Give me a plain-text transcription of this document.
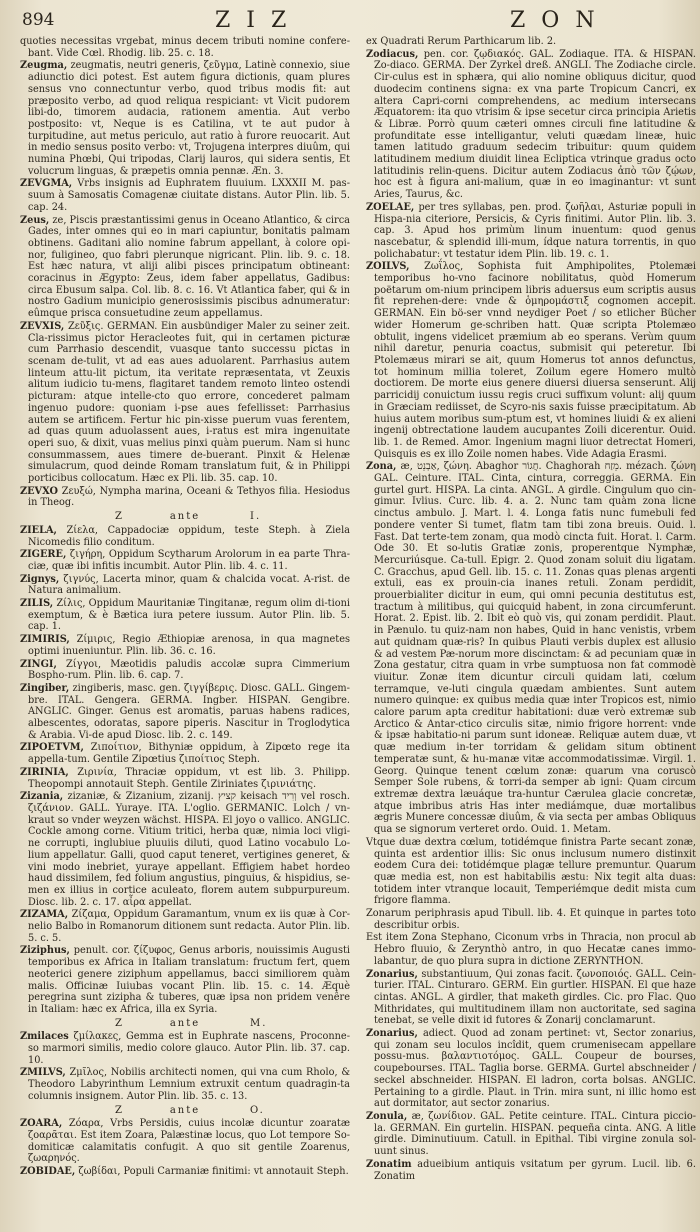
894	ZIZ	ZON

quoties necessitas vrgebat, minus decem tributi nomine confere-bant. Vide Cœl. Rhodig. lib. 25. c. 18.

Zeugma, zeugmatis, neutri generis, ζεῦγμα, Latinè connexio, siue adiunctio dici potest. Est autem figura dictionis, quam plures sensus vno connectuntur verbo, quod tribus modis fit: aut præposito verbo, ad quod reliqua respiciant: vt Vicit pudorem libi-do, timorem audacia, rationem amentia. Aut verbo postposito: vt, Neque is es Catilina, vt te aut pudor à turpitudine, aut metus periculo, aut ratio à furore reuocarit. Aut in medio sensus posito verbo: vt, Trojugena interpres diuûm, qui numina Phœbi, Qui tripodas, Clarij lauros, qui sidera sentis, Et volucrum linguas, & præpetis omnia pennæ. Æn. 3.

ZEVGMA, Vrbs insignis ad Euphratem fluuium. LXXXII M. pas-suum à Samosatis Comagenæ ciuitate distans. Autor Plin. lib. 5. cap. 24.

Zeus, ze, Piscis præstantissimi genus in Oceano Atlantico, & circa Gades, inter omnes qui eo in mari capiuntur, bonitatis palmam obtinens. Gaditani alio nomine fabrum appellant, à colore opi-nor, fuligineo, quo fabri plerunque nigricant. Plin. lib. 9. c. 18. Est hæc natura, vt aliji alibi pisces principatum obtineant: coracinus in Ægypto: Zeus, idem faber appellatus, Gadibus: circa Ebusum salpa. Col. lib. 8. c. 16. Vt Atlantica faber, qui & in nostro Gadium municipio generosissimis piscibus adnumeratur: eûmque prisca consuetudine zeum appellamus.

ZEVXIS, Ζεῦξις. GERMAN. Ein ausbündiger Maler zu seiner zeit. Cla-rissimus pictor Heracleotes fuit, qui in certamen picturæ cum Parrhasio descendit, vuasque tanto successu pictas in scenam de-tulit, vt ad eas aues aduolarent. Parrhasius autem linteum attu-lit pictum, ita veritate repræsentata, vt Zeuxis alitum iudicio tu-mens, flagitaret tandem remoto linteo ostendi picturam: atque intelle-cto quo errore, concederet palmam ingenuo pudore: quoniam i-pse aues fefellisset: Parrhasius autem se artificem. Fertur hic pin-xisse puerum vuas ferentem, ad quas quum aduolassent aues, i-ratus est mira ingenuitate operi suo, & dixit, vuas melius pinxi quàm puerum. Nam si hunc consummassem, aues timere de-buerant. Pinxit & Helenæ simulacrum, quod deinde Romam translatum fuit, & in Philippi porticibus collocatum. Hæc ex Pli. lib. 35. cap. 10.

ZEVXO Ζευξώ, Nympha marina, Oceani & Tethyos filia. Hesiodus in Theog.

Z	ante	I.

ZIELA, Ζίελα, Cappadociæ oppidum, teste Steph. à Ziela Nicomedis filio conditum.

ZIGERE, ζιγήρη, Oppidum Scytharum Arolorum in ea parte Thra-ciæ, quæ ibi infitis incumbit. Autor Plin. lib. 4. c. 11.

Zignys, ζιγνύς, Lacerta minor, quam & chalcida vocat. A-rist. de Natura animalium.

ZILIS, Ζίλις, Oppidum Mauritaniæ Tingitanæ, regum olim di-tioni exemptum, & è Bætica iura petere iussum. Autor Plin. lib. 5. cap. 1.

ZIMIRIS, Ζίμιρις, Regio Æthiopiæ arenosa, in qua magnetes optimi inueniuntur. Plin. lib. 36. c. 16.

ZINGI, Ζίγγοι, Mæotidis paludis accolæ supra Cimmerium Bospho-rum. Plin. lib. 6. cap. 7.

Zingiber, zingiberis, masc. gen. ζιγγίβερις. Diosc. GALL. Gingem-bre. ITAL. Gengera. GERMA. Ingber. HISPAN. Gengibre. ANGLIC. Ginger. Genus est aromatis, paruas habens radices, albescentes, odoratas, sapore piperis. Nascitur in Troglodytica & Arabia. Vi-de apud Diosc. lib. 2. c. 149.

ZIPOETVM, Ζιποίτιον, Bithyniæ oppidum, à Zipœto rege ita appella-tum. Gentile Zipœtius ζιποίτιος Steph.

ZIRINIA, Ζιρινία, Thraciæ oppidum, vt est lib. 3. Philipp. Theopompi annotauit Steph. Gentile Ziriniates ζιρινιάτης.

Zizania, zizaniæ, & Zizanium, zizanij. קציץ keisach וְרִיד vel rosch. ζιζάνιον. GALL. Yuraye. ITA. L'oglio. GERMANIC. Lolch / vn-kraut so vnder weyzen wächst. HISPA. El joyo o vallico. ANGLIC. Cockle among corne. Vitium tritici, herba quæ, nimia loci vligi-ne corrupti, inglubiue pluuiis diluti, quod Latino vocabulo Lo-lium appellatur. Galli, quod caput teneret, vertigines generet, & vini modo inebriet, yuraye appellant. Effigiem habet hordeo haud dissimilem, fed folium angustius, pinguius, & hispidius, se-men ex illius in cortice aculeato, florem autem subpurpureum. Diosc. lib. 2. c. 17. αἶρα appellat.

ZIZAMA, Ζίζαμα, Oppidum Garamantum, vnum ex iis quæ à Cor-nelio Balbo in Romanorum ditionem sunt redacta. Autor Plin. lib. 5. c. 5.

Ziziphus, penult. cor. ζίζυφος, Genus arboris, nouissimis Augusti temporibus ex Africa in Italiam translatum: fructum fert, quem neoterici genere ziziphum appellamus, bacci similiorem quàm malis. Officinæ Iuiubas vocant Plin. lib. 15. c. 14. Æquè peregrina sunt zizipha & tuberes, quæ ipsa non pridem venêre in Italiam: hæc ex Africa, illa ex Syria.

Z	ante	M.

Zmilaces ζμίλακες, Gemma est in Euphrate nascens, Proconne-so marmori similis, medio colore glauco. Autor Plin. lib. 37. cap. 10.

ZMILVS, Ζμῖλος, Nobilis architecti nomen, qui vna cum Rholo, & Theodoro Labyrinthum Lemnium extruxit centum quadragin-ta columnis insignem. Autor Plin. lib. 35. c. 13.

Z	ante	O.

ZOARA, Ζόαρα, Vrbs Persidis, cuius incolæ dicuntur zoaratæ ζοαρᾶται. Est item Zoara, Palæstinæ locus, quo Lot tempore So-domiticæ calamitatis confugit. A quo sit gentile Zoarenus, ζωαρηνός.

ZOBIDAE, ζωβίδαι, Populi Carmaniæ finitimi: vt annotauit Steph.

ex Quadrati Rerum Parthicarum lib. 2.

Zodiacus, pen. cor. ζῳδιακός. GAL. Zodiaque. ITA. & HISPAN. Zo-diaco. GERMA. Der Zyrkel dreß. ANGLI. The Zodiache circle. Cir-culus est in sphæra, qui alio nomine obliquus dicitur, quod duodecim continens signa: ex vna parte Tropicum Cancri, ex altera Capri-corni comprehendens, ac medium intersecans Æquatorem: ita quo vtrisim & ipse secetur circa principia Arietis & Libræ. Porrò quum cæteri omnes circuli fine latitudine & profunditate esse intelligantur, veluti quædam lineæ, huic tamen latitudo graduum sedecim tribuitur: quum quidem latitudinem medium diuidit linea Ecliptica vtrinque gradus octo latitudinis relin-quens. Dicitur autem Zodiacus ἀπὸ τῶν ζῴων, hoc est à figura ani-malium, quæ in eo imaginantur: vt sunt Aries, Taurus, &c.

ZOELAE, per tres syllabas, pen. prod. ζωῆλαι, Asturiæ populi in Hispa-nia citeriore, Persicis, & Cyris finitimi. Autor Plin. lib. 3. cap. 3. Apud hos primùm linum inuentum: quod genus nascebatur, & splendid illi-mum, ídque natura torrentis, in quo polichabatur: vt testatur idem Plin. lib. 19. c. 1.

ZOILVS, Ζωΐλος, Sophista fuit Amphipolites, Ptolemæi temporibus ho-vno facinore nobilitatus, quòd Homerum poëtarum om-nium principem libris aduersus eum scriptis ausus fit reprehen-dere: vnde & ὁμηρομάστιξ cognomen accepit. GERMAN. Ein bö-ser vnnd neydiger Poet / so etlicher Bücher wider Homerum ge-schriben hatt. Quæ scripta Ptolemæo obtulit, ingens videlicet præmium ab eo sperans. Verùm quum nihil daretur, penuria coactus, submisit qui peteretur. Ibi Ptolemæus mirari se ait, quum Homerus tot annos defunctus, tot hominum millia toleret, Zoilum egere Homero multò doctiorem. De morte eius genere diuersi diuersa senserunt. Alij parricidij conuictum iussu regis cruci suffixum volunt: alij quum in Græciam rediisset, de Scyro-nis saxis fuisse præcipitatum. Ab huius autem moribus sum-ptum est, vt homines liuidi & ex alieni ingenij obtrectatione laudem aucupantes Zoili dicerentur. Ouid. lib. 1. de Remed. Amor. Ingenium magni liuor detrectat Homeri, Quisquis es ex illo Zoile nomen habes. Vide Adagia Erasmi.

Zona, æ, אַבְנֵט, ζώνη. Abaghor חֲגוֹר. Chaghorah מֵזַח. mézach. ζώνη GAL. Ceinture. ITAL. Cinta, cintura, correggia. GERMA. Ein gurtel gurt. HISPA. La cinta. ANGL. A girdle. Cingulum quo cin-gimur. Ivlius. Curc. lib. 4. a. 2. Nunc tam quàm zona licne cinctus ambulo. J. Mart. l. 4. Longa fatis nunc fumebuli fed pondere venter Si tumet, flatm tam tibi zona breuis. Ouid. l. Fast. Dat terte-tem zonam, qua modò cincta fuit. Horat. l. Carm. Ode 30. Et so-lutis Gratiæ zonis, properentque Nymphæ, Mercuriúsque. Ca-tull. Epigr. 2. Quod zonam soluit diu ligatam. C. Gracchus, apud Gell. lib. 15. c. 11. Zonas quas plenas argenti extuli, eas ex prouin-cia inanes retuli. Zonam perdidit, prouerbialiter dicitur in eum, qui omni pecunia destitutus est, tractum à militibus, qui quicquid habent, in zona circumferunt. Horat. 2. Epist. lib. 2. Ibit eò quò vis, qui zonam perdidit. Plaut. in Pænulo. tu quiz-nam non habes, Quid in hanc venistis, vrbem aut quidnam quæ-ris? In quibus Plauti verbis duplex est allusio & ad vestem Pæ-norum more discinctam: & ad pecuniam quæ in Zona gestatur, citra quam in vrbe sumptuosa non fat commodè viuitur. Zonæ item dicuntur circuli quidam lati, cœlum terramque, ve-luti cingula quædam ambientes. Sunt autem numero quinque: ex quibus media quæ inter Tropicos est, nimio calore parum apta creditur habitationi: duæ verò extremæ sub Arctico & Antar-ctico circulis sitæ, nimio frigore horrent: vnde & ipsæ habitatio-ni parum sunt idoneæ. Reliquæ autem duæ, vt quæ medium in-ter torridam & gelidam situm obtinent temperatæ sunt, & hu-manæ vitæ accommodatissimæ. Virgil. 1. Georg. Quinque tenent cœlum zonæ: quarum vna coruscò Semper Sole rubens, & torri-da semper ab igni: Quam circum extremæ dextra læuáque tra-huntur Cærulea glacie concretæ, atque imbribus atris Has inter mediámque, duæ mortalibus ægris Munere concessæ diuûm, & via secta per ambas Obliquus qua se signorum verteret ordo. Ouid. 1. Metam.

Vtque duæ dextra cœlum, totidémque finistra Parte secant zonæ, quinta est ardentior illis: Sic onus inclusum numero distinxit eodem Cura dei: totidémque plagæ tellure premuntur. Quarum quæ media est, non est habitabilis æstu: Nix tegit alta duas: totidem inter vtranque locauit, Temperiémque dedit mista cum frigore flamma.

Zonarum periphrasis apud Tibull. lib. 4. Et quinque in partes toto describitur orbis.

Est item Zona Stephano, Ciconum vrbs in Thracia, non procul ab Hebro fluuio, & Zerynthò antro, in quo Hecatæ canes immo-labantur, de quo plura supra in dictione ZERYNTHON.

Zonarius, substantiuum, Qui zonas facit. ζωνοποιός. GALL. Cein-turier. ITAL. Cinturaro. GERM. Ein gurtler. HISPAN. El que haze cintas. ANGL. A girdler, that maketh girdles. Cic. pro Flac. Quo Mithridates, qui multitudinem illam non auctoritate, sed sagina tenebat, se velle dixit id futores & Zonarij conclamarunt.

Zonarius, adiect. Quod ad zonam pertinet: vt, Sector zonarius, qui zonam seu loculos incîdit, quem crumenisecam appellare possu-mus. βαλαντιοτόμος. GALL. Coupeur de bourses, coupebourses. ITAL. Taglia borse. GERMA. Gurtel abschneider / seckel abschneider. HISPAN. El ladron, corta bolsas. ANGLIC. Pertaining to a girdle. Plaut. in Trin. mira sunt, ni illic homo est aut dormitator, aut sector zonarius.

Zonula, æ, ζωνίδιον. GAL. Petite ceinture. ITAL. Cintura piccio-la. GERMAN. Ein gurtelin. HISPAN. pequeña cinta. ANG. A litle girdle. Diminutiuum. Catull. in Epithal. Tibi virgine zonula sol-uunt sinus.

Zonatim adueibium antiquis vsitatum per gyrum. Lucil. lib. 6. Zonatim
